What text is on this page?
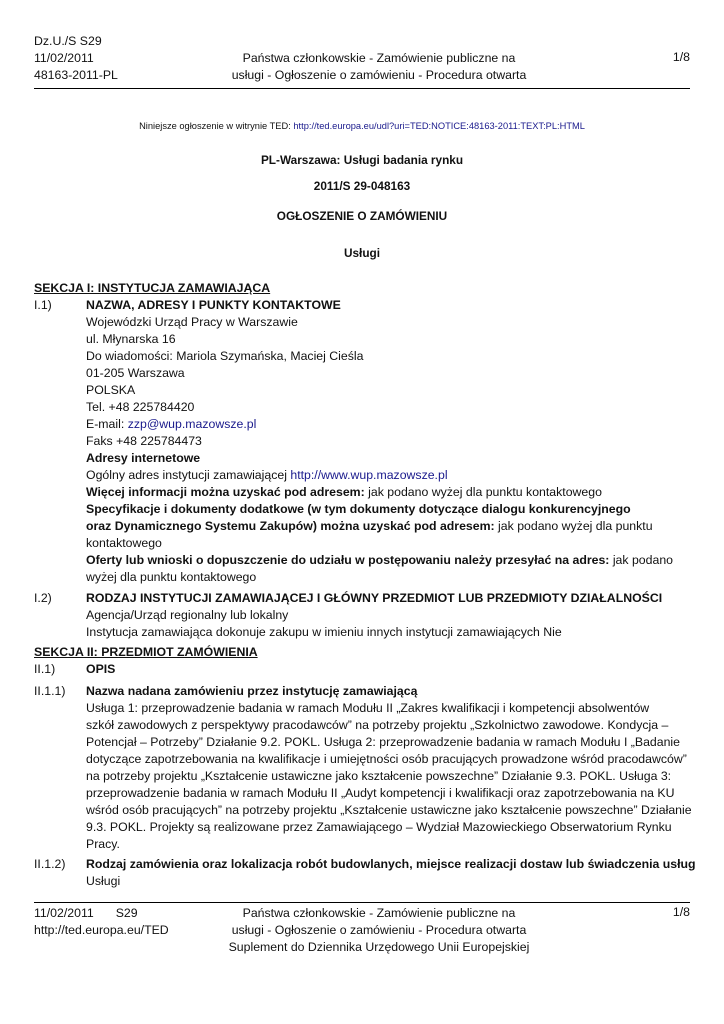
Dz.U./S S29
11/02/2011
48163-2011-PL
Państwa członkowskie - Zamówienie publiczne na
usługi - Ogłoszenie o zamówieniu - Procedura otwarta
1/8
Niniejsze ogłoszenie w witrynie TED: http://ted.europa.eu/udl?uri=TED:NOTICE:48163-2011:TEXT:PL:HTML
PL-Warszawa: Usługi badania rynku
2011/S 29-048163
OGŁOSZENIE O ZAMÓWIENIU
Usługi
SEKCJA I: INSTYTUCJA ZAMAWIAJĄCA
I.1)	NAZWA, ADRESY I PUNKTY KONTAKTOWE
Wojewódzki Urząd Pracy w Warszawie
ul. Młynarska 16
Do wiadomości: Mariola Szymańska, Maciej Cieśla
01-205 Warszawa
POLSKA
Tel. +48 225784420
E-mail: zzp@wup.mazowsze.pl
Faks +48 225784473
Adresy internetowe
Ogólny adres instytucji zamawiającej http://www.wup.mazowsze.pl
Więcej informacji można uzyskać pod adresem: jak podano wyżej dla punktu kontaktowego
Specyfikacje i dokumenty dodatkowe (w tym dokumenty dotyczące dialogu konkurencyjnego
oraz Dynamicznego Systemu Zakupów) można uzyskać pod adresem: jak podano wyżej dla punktu
kontaktowego
Oferty lub wnioski o dopuszczenie do udziału w postępowaniu należy przesyłać na adres: jak podano
wyżej dla punktu kontaktowego
I.2)	RODZAJ INSTYTUCJI ZAMAWIAJĄCEJ I GŁÓWNY PRZEDMIOT LUB PRZEDMIOTY DZIAŁALNOŚCI
Agencja/Urząd regionalny lub lokalny
Instytucja zamawiająca dokonuje zakupu w imieniu innych instytucji zamawiających Nie
SEKCJA II: PRZEDMIOT ZAMÓWIENIA
II.1)	OPIS
II.1.1) Nazwa nadana zamówieniu przez instytucję zamawiającą
Usługa 1: przeprowadzenie badania w ramach Modułu II „Zakres kwalifikacji i kompetencji absolwentów
szkół zawodowych z perspektywy pracodawców” na potrzeby projektu „Szkolnictwo zawodowe. Kondycja –
Potencjał – Potrzeby” Działanie 9.2. POKL. Usługa 2: przeprowadzenie badania w ramach Modułu I „Badanie
dotyczące zapotrzebowania na kwalifikacje i umiejętności osób pracujących prowadzone wśród pracodawców”
na potrzeby projektu „Kształcenie ustawiczne jako kształcenie powszechne” Działanie 9.3. POKL. Usługa 3:
przeprowadzenie badania w ramach Modułu II „Audyt kompetencji i kwalifikacji oraz zapotrzebowania na KU
wśród osób pracujących” na potrzeby projektu „Kształcenie ustawiczne jako kształcenie powszechne” Działanie
9.3. POKL. Projekty są realizowane przez Zamawiającego – Wydział Mazowieckiego Obserwatorium Rynku
Pracy.
II.1.2) Rodzaj zamówienia oraz lokalizacja robót budowlanych, miejsce realizacji dostaw lub świadczenia usług
Usługi
11/02/2011 S29
http://ted.europa.eu/TED
Państwa członkowskie - Zamówienie publiczne na
usługi - Ogłoszenie o zamówieniu - Procedura otwarta
Suplement do Dziennika Urzędowego Unii Europejskiej
1/8
